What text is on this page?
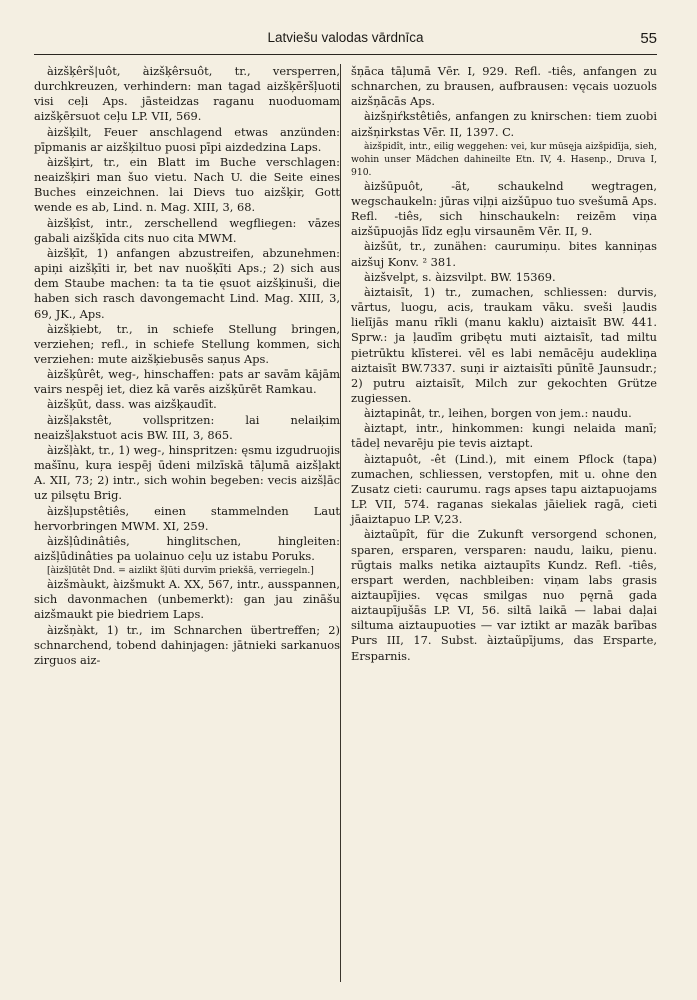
Latviešu valodas vārdnīca	55

àizšķêrš|uôt, àizšķêrsuôt, tr., versperren, durchkreuzen, verhindern: man tagad aizšķēršļuoti visi ceļi Aps. jāsteidzas raganu nuoduomam aizšķērsuot ceļu LP. VII, 569.

àizšķilt, Feuer anschlagend etwas anzünden: pīpmanis ar aizšķiltuo puosi pīpi aizdedzina Laps.

àizšķirt, tr., ein Blatt im Buche verschlagen: neaizšķiri man šuo vietu. Nach U. die Seite eines Buches einzeichnen. lai Dievs tuo aizšķir, Gott wende es ab, Lind. n. Mag. XIII, 3, 68.

àizšķîst, intr., zerschellend wegfliegen: vāzes gabali aizšķīda cits nuo cita MWM.

àizšķīt, 1) anfangen abzustreifen, abzunehmen: apiņi aizšķīti ir, bet nav nuošķīti Aps.; 2) sich aus dem Staube machen: ta ta tie ęsuot aizšķinuši, die haben sich rasch davongemacht Lind. Mag. XIII, 3, 69, JK., Aps.

àizšķiebt, tr., in schiefe Stellung bringen, verziehen; refl., in schiefe Stellung kommen, sich verziehen: mute aizšķiebusēs saņus Aps.

àizšķûrêt, weg-, hinschaffen: pats ar savām kājām vairs nespēj iet, diez kā varēs aizšķūrēt Ramkau.

àizšķūt, dass. was aizšķaudīt.

àizšļakstêt, vollspritzen: lai nelaiķim neaizšļakstuot acis BW. III, 3, 865.

àizšļàkt, tr., 1) weg-, hinspritzen: ęsmu izgudruojis mašīnu, kuŗa iespēj ūdeni milzīskā tāļumā aizšļakt A. XII, 73; 2) intr., sich wohin begeben: vecis aizšļāc uz pilsętu Brig.

àizšļupstêtiês, einen stammelnden Laut hervorbringen MWM. XI, 259.

àizšļûdinâtiês, hinglitschen, hingleiten: aizšļūdinâties pa uolainuo ceļu uz istabu Poruks.

[àizšļūtêt Dnd. = aizlikt šļūti durvīm priekšā, verriegeln.]

àizšmàukt, àizšmukt A. XX, 567, intr., ausspannen, sich davonmachen (unbemerkt): gan jau zināšu aizšmaukt pie biedriem Laps.

àizšņàkt, 1) tr., im Schnarchen übertreffen; 2) schnarchend, tobend dahinjagen: jātnieki sarkanuos zirguos aiz-

šņāca tāļumā Vēr. I, 929. Refl. -tiês, anfangen zu schnarchen, zu brausen, aufbrausen: vęcais uozuols aizšņācās Aps.

àizšņiŕkstêtiês, anfangen zu knirschen: tiem zuobi aizšņirkstas Vēr. II, 1397. C.

àizšpidît, intr., eilig weggehen: vei, kur mūsęja aizšpidīja, sieh, wohin unser Mädchen dahineilte Etn. IV, 4. Hasenp., Druva I, 910.

àizšūpuôt, -ãt, schaukelnd wegtragen, wegschaukeln: jūras viļņi aizšūpuo tuo svešumā Aps. Refl. -tiês, sich hinschaukeln: reizēm viņa aizšūpuojās līdz egļu virsaunēm Vēr. II, 9.

àizšūt, tr., zunähen: caurumiņu. bites kanniņas aizšuj Konv. ² 381.

àizšvelpt, s. àizsvilpt. BW. 15369.

àiztaisīt, 1) tr., zumachen, schliessen: durvis, vārtus, luogu, acis, traukam vāku. sveši ļaudis lielījās manu rīkli (manu kaklu) aiztaisīt BW. 441. Sprw.: ja ļaudīm gribętu muti aiztaisīt, tad miltu pietrūktu klīsterei. vēl es labi nemācēju audekliņa aiztaisīt BW.7337. suņi ir aiztaisīti pūnītē Jaunsudr.; 2) putru aiztaisīt, Milch zur gekochten Grütze zugiessen.

àiztapinât, tr., leihen, borgen von jem.: naudu.

àiztapt, intr., hinkommen: kungi nelaida manī; tādeļ nevarēju pie tevis aiztapt.

àiztapuôt, -êt (Lind.), mit einem Pflock (tapa) zumachen, schliessen, verstopfen, mit u. ohne den Zusatz cieti: caurumu. rags apses tapu aiztapuojams LP. VII, 574. raganas siekalas jāieliek ragā, cieti jāaiztapuo LP. V,23.

àiztaũpît, für die Zukunft versorgend schonen, sparen, ersparen, versparen: naudu, laiku, pienu. rūgtais malks netika aiztaupīts Kundz. Refl. -tiês, erspart werden, nachbleiben: viņam labs grasis aiztaupījies. vęcas smilgas nuo pęrnā gada aiztaupījušās LP. VI, 56. siltā laikā — labai daļai siltuma aiztaupuoties — var iztikt ar mazāk barības Purs III, 17. Subst. àiztaũpījums, das Ersparte, Ersparnis.
